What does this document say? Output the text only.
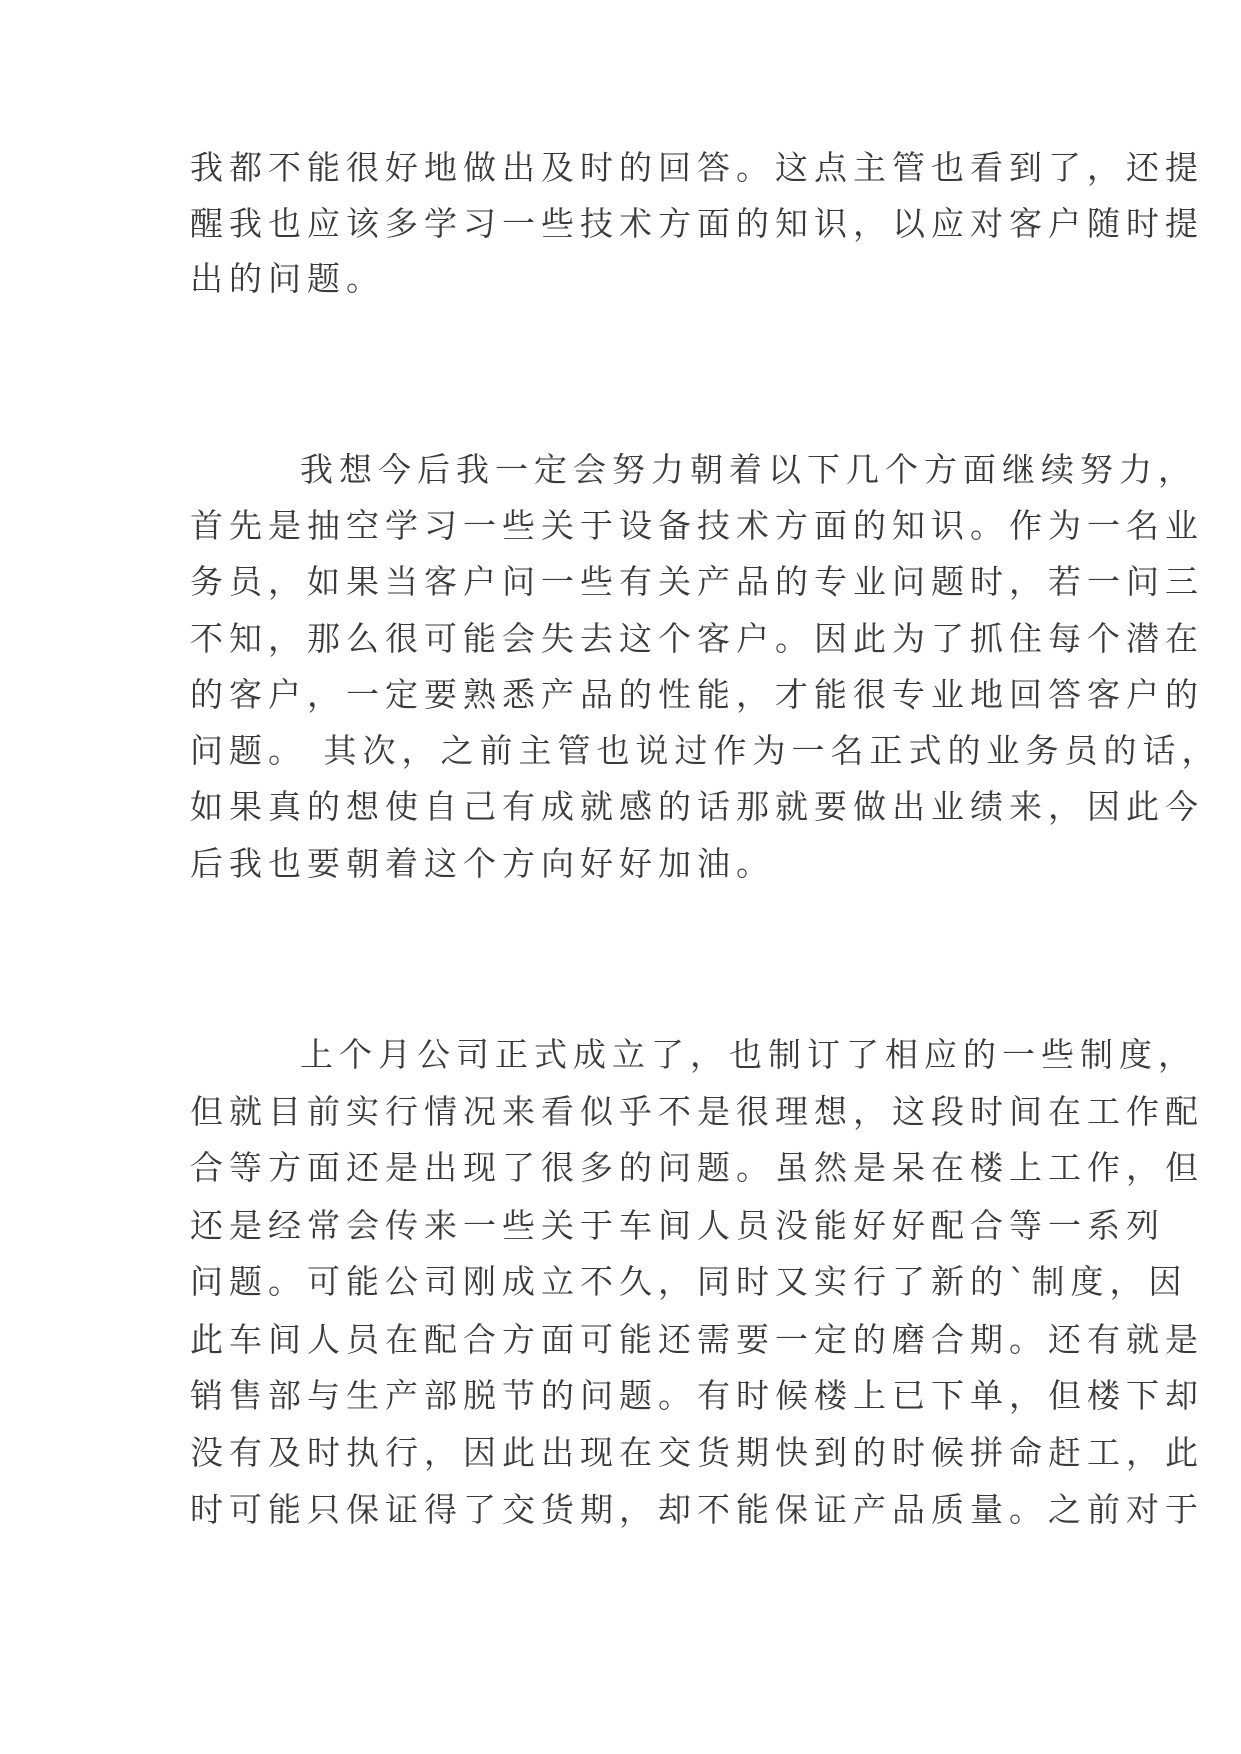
我都不能很好地做出及时的回答。这点主管也看到了，还提

醒我也应该多学习一些技术方面的知识，以应对客户随时提

出的问题。

我想今后我一定会努力朝着以下几个方面继续努力，

首先是抽空学习一些关于设备技术方面的知识。作为一名业

务员，如果当客户问一些有关产品的专业问题时，若一问三

不知，那么很可能会失去这个客户。因此为了抓住每个潜在

的客户，一定要熟悉产品的性能，才能很专业地回答客户的

问题。 其次，之前主管也说过作为一名正式的业务员的话，

如果真的想使自己有成就感的话那就要做出业绩来，因此今

后我也要朝着这个方向好好加油。

上个月公司正式成立了，也制订了相应的一些制度，

但就目前实行情况来看似乎不是很理想，这段时间在工作配

合等方面还是出现了很多的问题。虽然是呆在楼上工作，但

还是经常会传来一些关于车间人员没能好好配合等一系列

问题。可能公司刚成立不久，同时又实行了新的`制度，因

此车间人员在配合方面可能还需要一定的磨合期。还有就是

销售部与生产部脱节的问题。有时候楼上已下单，但楼下却

没有及时执行，因此出现在交货期快到的时候拼命赶工，此

时可能只保证得了交货期，却不能保证产品质量。之前对于
